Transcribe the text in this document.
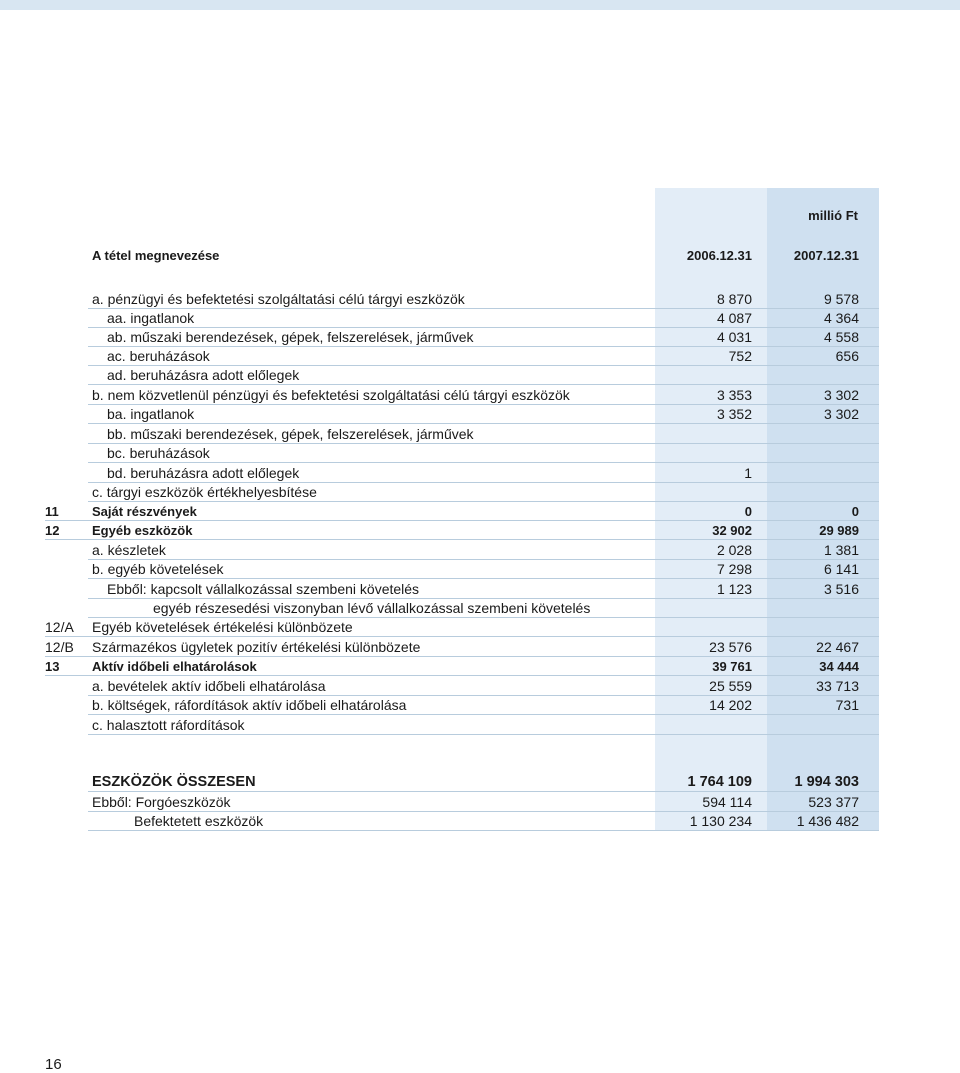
millió Ft
A tétel megnevezése	2006.12.31	2007.12.31
a. pénzügyi és befektetési szolgáltatási célú tárgyi eszközök	8 870	9 578
aa. ingatlanok	4 087	4 364
ab. műszaki berendezések, gépek, felszerelések, járművek	4 031	4 558
ac. beruházások	752	656
ad. beruházásra adott előlegek
b. nem közvetlenül pénzügyi és befektetési szolgáltatási célú tárgyi eszközök	3 353	3 302
ba. ingatlanok	3 352	3 302
bb. műszaki berendezések, gépek, felszerelések, járművek
bc. beruházások
bd. beruházásra adott előlegek	1
c. tárgyi eszközök értékhelyesbítése
11	Saját részvények	0	0
12	Egyéb eszközök	32 902	29 989
a. készletek	2 028	1 381
b. egyéb követelések	7 298	6 141
Ebből: kapcsolt vállalkozással szembeni követelés	1 123	3 516
egyéb részesedési viszonyban lévő vállalkozással szembeni követelés
12/A Egyéb követelések értékelési különbözete
12/B Származékos ügyletek pozitív értékelési különbözete	23 576	22 467
13	Aktív időbeli elhatárolások	39 761	34 444
a. bevételek aktív időbeli elhatárolása	25 559	33 713
b. költségek, ráfordítások aktív időbeli elhatárolása	14 202	731
c. halasztott ráfordítások
ESZKÖZÖK ÖSSZESEN	1 764 109	1 994 303
Ebből: Forgóeszközök	594 114	523 377
Befektetett eszközök	1 130 234	1 436 482
16
